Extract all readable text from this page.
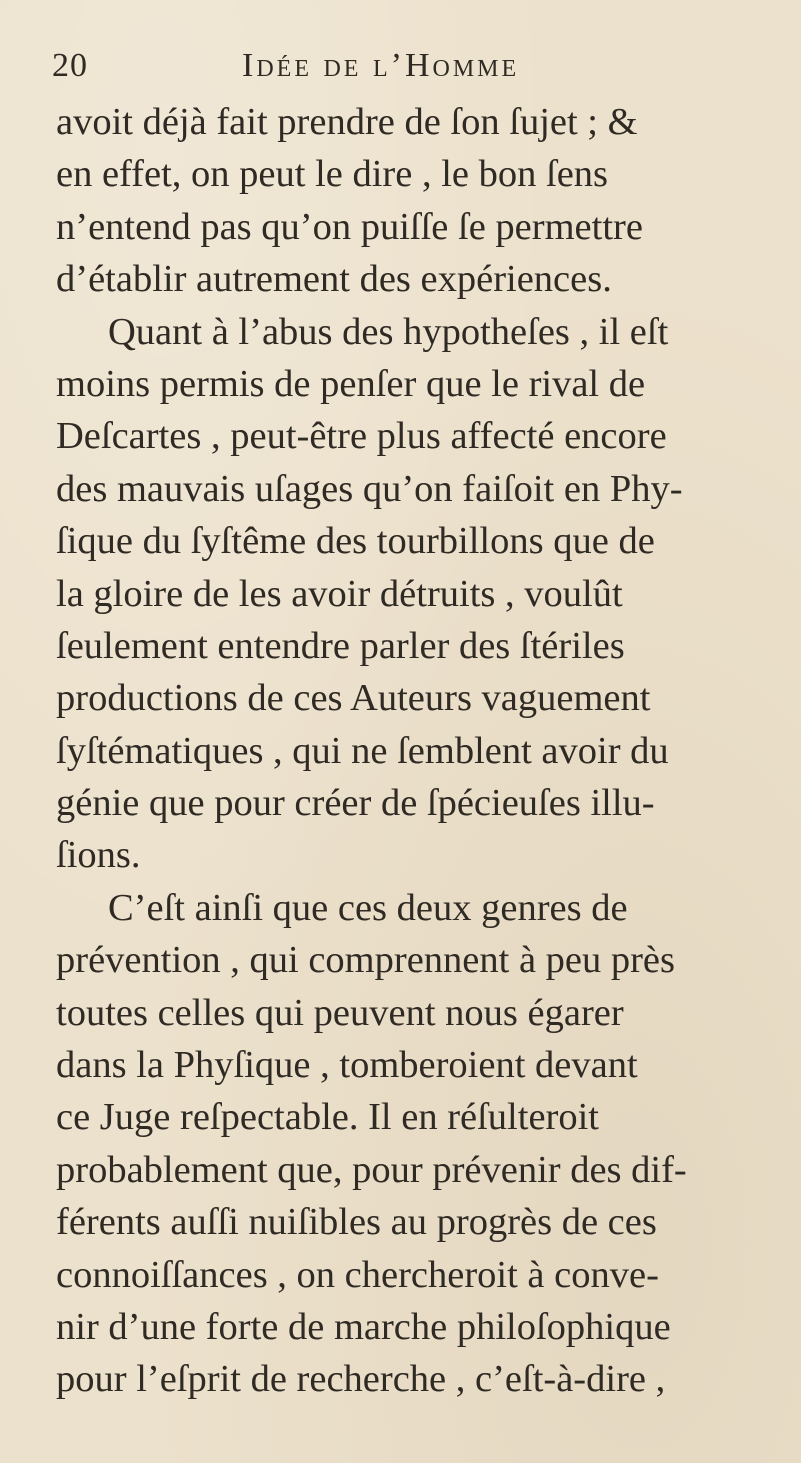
20	Idée de l’Homme
avoit déjà fait prendre de ſon ſujet ; &
en effet, on peut le dire , le bon ſens
n’entend pas qu’on puiſſe ſe permettre
d’établir autrement des expériences.
Quant à l’abus des hypotheſes , il eſt
moins permis de penſer que le rival de
Deſcartes , peut-être plus affecté encore
des mauvais uſages qu’on faiſoit en Phy-
ſique du ſyſtême des tourbillons que de
la gloire de les avoir détruits , voulût
ſeulement entendre parler des ſtériles
productions de ces Auteurs vaguement
ſyſtématiques , qui ne ſemblent avoir du
génie que pour créer de ſpécieuſes illu-
ſions.
C’eſt ainſi que ces deux genres de
prévention , qui comprennent à peu près
toutes celles qui peuvent nous égarer
dans la Phyſique , tomberoient devant
ce Juge reſpectable. Il en réſulteroit
probablement que, pour prévenir des dif-
férents auſſi nuiſibles au progrès de ces
connoiſſances , on chercheroit à conve-
nir d’une forte de marche philoſophique
pour l’eſprit de recherche , c’eſt-à-dire ,
